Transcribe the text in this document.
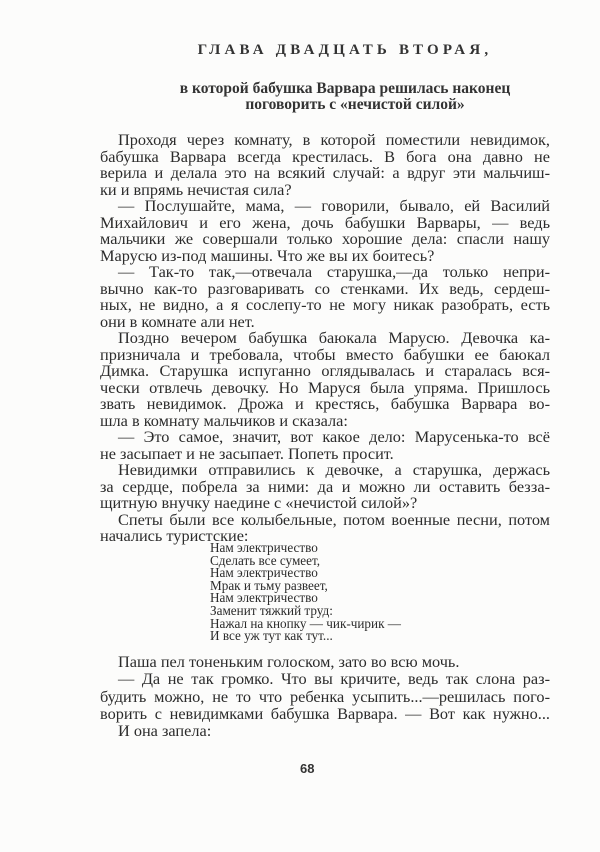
ГЛАВА ДВАДЦАТЬ ВТОРАЯ,
в которой бабушка Варвара решилась наконец
поговорить с «нечистой силой»
Проходя через комнату, в которой поместили невидимок,
бабушка Варвара всегда крестилась. В бога она давно не
верила и делала это на всякий случай: а вдруг эти мальчиш-
ки и впрямь нечистая сила?
— Послушайте, мама, — говорили, бывало, ей Василий
Михайлович и его жена, дочь бабушки Варвары, — ведь
мальчики же совершали только хорошие дела: спасли нашу
Марусю из-под машины. Что же вы их боитесь?
— Так-то так,—отвечала старушка,—да только непри-
вычно как-то разговаривать со стенками. Их ведь, сердеш-
ных, не видно, а я сослепу-то не могу никак разобрать, есть
они в комнате али нет.
Поздно вечером бабушка баюкала Марусю. Девочка ка-
призничала и требовала, чтобы вместо бабушки ее баюкал
Димка. Старушка испуганно оглядывалась и старалась вся-
чески отвлечь девочку. Но Маруся была упряма. Пришлось
звать невидимок. Дрожа и крестясь, бабушка Варвара во-
шла в комнату мальчиков и сказала:
— Это самое, значит, вот какое дело: Марусенька-то всё
не засыпает и не засыпает. Попеть просит.
Невидимки отправились к девочке, а старушка, держась
за сердце, побрела за ними: да и можно ли оставить безза-
щитную внучку наедине с «нечистой силой»?
Спеты были все колыбельные, потом военные песни, потом
начались туристские:
Паша пел тоненьким голоском, зато во всю мочь.
— Да не так громко. Что вы кричите, ведь так слона раз-
будить можно, не то что ребенка усыпить...—решилась пого-
ворить с невидимками бабушка Варвара. — Вот как нужно...
И она запела:
Нам электричество
Сделать все сумеет,
Нам электричество
Мрак и тьму развеет,
Нам электричество
Заменит тяжкий труд:
Нажал на кнопку — чик-чирик —
И все уж тут как тут...
68
